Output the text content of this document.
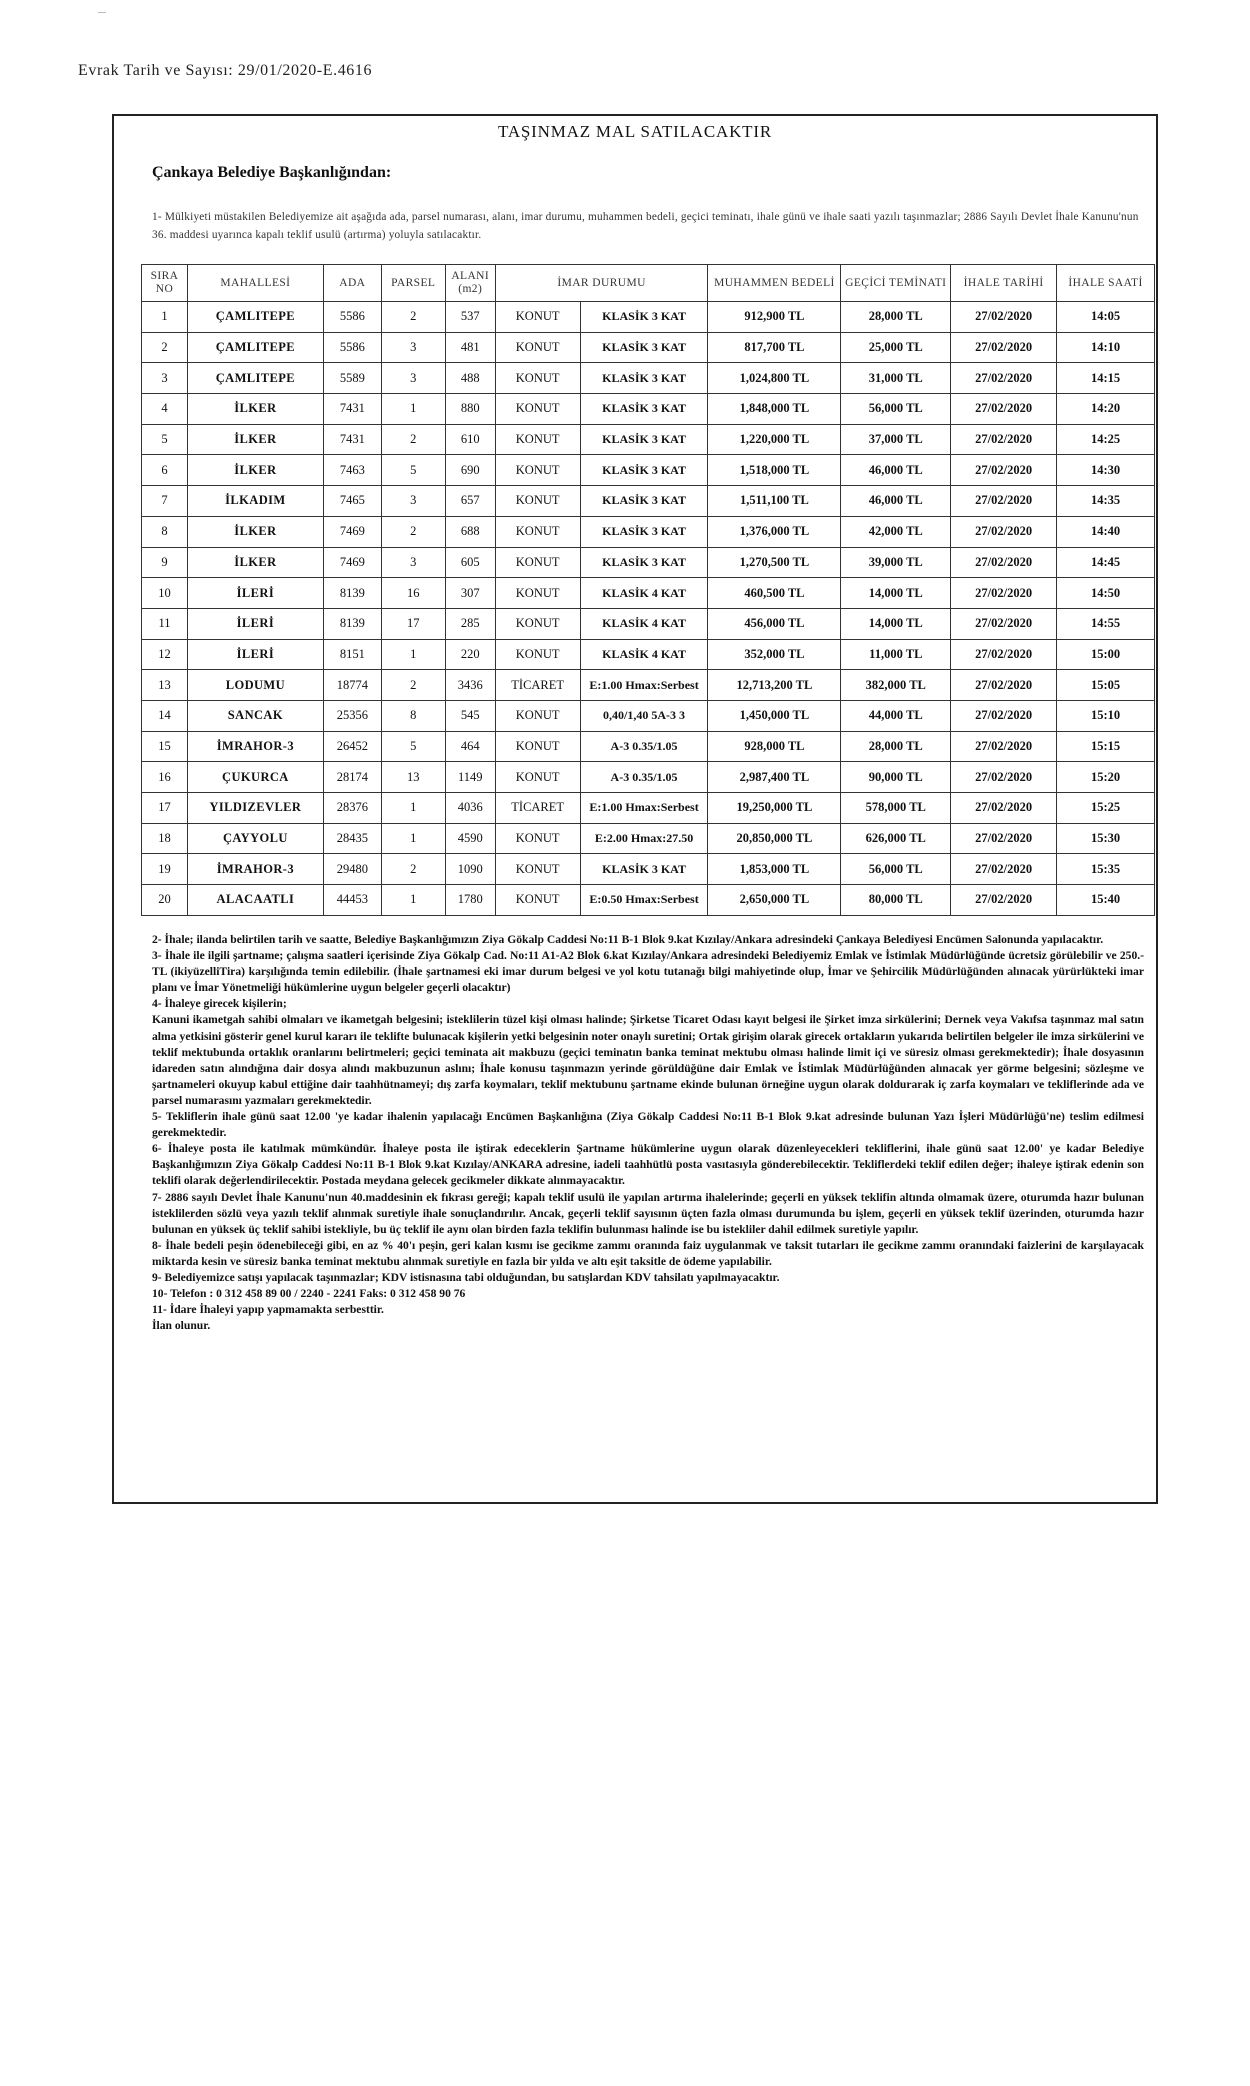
Evrak Tarih ve Sayısı: 29/01/2020-E.4616
TAŞINMAZ MAL SATILACAKTIR
Çankaya Belediye Başkanlığından:
1- Mülkiyeti müstakilen Belediyemize ait aşağıda ada, parsel numarası, alanı, imar durumu, muhammen bedeli, geçici teminatı, ihale günü ve ihale saati yazılı taşınmazlar; 2886 Sayılı Devlet İhale Kanunu'nun 36. maddesi uyarınca kapalı teklif usulü (artırma) yoluyla satılacaktır.
SIRA NO	MAHALLESİ	ADA	PARSEL	ALANI (m2)	İMAR DURUMU		MUHAMMEN BEDELİ	GEÇİCİ TEMİNATI	İHALE TARİHİ	İHALE SAATİ
1	ÇAMLITEPE	5586	2	537	KONUT	KLASİK 3 KAT	912,900 TL	28,000 TL	27/02/2020	14:05
2	ÇAMLITEPE	5586	3	481	KONUT	KLASİK 3 KAT	817,700 TL	25,000 TL	27/02/2020	14:10
3	ÇAMLITEPE	5589	3	488	KONUT	KLASİK 3 KAT	1,024,800 TL	31,000 TL	27/02/2020	14:15
4	İLKER	7431	1	880	KONUT	KLASİK 3 KAT	1,848,000 TL	56,000 TL	27/02/2020	14:20
5	İLKER	7431	2	610	KONUT	KLASİK 3 KAT	1,220,000 TL	37,000 TL	27/02/2020	14:25
6	İLKER	7463	5	690	KONUT	KLASİK 3 KAT	1,518,000 TL	46,000 TL	27/02/2020	14:30
7	İLKADIM	7465	3	657	KONUT	KLASİK 3 KAT	1,511,100 TL	46,000 TL	27/02/2020	14:35
8	İLKER	7469	2	688	KONUT	KLASİK 3 KAT	1,376,000 TL	42,000 TL	27/02/2020	14:40
9	İLKER	7469	3	605	KONUT	KLASİK 3 KAT	1,270,500 TL	39,000 TL	27/02/2020	14:45
10	İLERİ	8139	16	307	KONUT	KLASİK 4 KAT	460,500 TL	14,000 TL	27/02/2020	14:50
11	İLERİ	8139	17	285	KONUT	KLASİK 4 KAT	456,000 TL	14,000 TL	27/02/2020	14:55
12	İLERİ	8151	1	220	KONUT	KLASİK 4 KAT	352,000 TL	11,000 TL	27/02/2020	15:00
13	LODUMU	18774	2	3436	TİCARET	E:1.00 Hmax:Serbest	12,713,200 TL	382,000 TL	27/02/2020	15:05
14	SANCAK	25356	8	545	KONUT	0,40/1,40 5A-3 3	1,450,000 TL	44,000 TL	27/02/2020	15:10
15	İMRAHOR-3	26452	5	464	KONUT	A-3 0.35/1.05	928,000 TL	28,000 TL	27/02/2020	15:15
16	ÇUKURCA	28174	13	1149	KONUT	A-3 0.35/1.05	2,987,400 TL	90,000 TL	27/02/2020	15:20
17	YILDIZEVLER	28376	1	4036	TİCARET	E:1.00 Hmax:Serbest	19,250,000 TL	578,000 TL	27/02/2020	15:25
18	ÇAYYOLU	28435	1	4590	KONUT	E:2.00 Hmax:27.50	20,850,000 TL	626,000 TL	27/02/2020	15:30
19	İMRAHOR-3	29480	2	1090	KONUT	KLASİK 3 KAT	1,853,000 TL	56,000 TL	27/02/2020	15:35
20	ALACAATLI	44453	1	1780	KONUT	E:0.50 Hmax:Serbest	2,650,000 TL	80,000 TL	27/02/2020	15:40

2- İhale; ilanda belirtilen tarih ve saatte, Belediye Başkanlığımızın Ziya Gökalp Caddesi No:11 B-1 Blok 9.kat Kızılay/Ankara adresindeki Çankaya Belediyesi Encümen Salonunda yapılacaktır.

3- İhale ile ilgili şartname; çalışma saatleri içerisinde Ziya Gökalp Cad. No:11 A1-A2 Blok 6.kat Kızılay/Ankara adresindeki Belediyemiz Emlak ve İstimlak Müdürlüğünde ücretsiz görülebilir ve 250.-TL (ikiyüzelliTira) karşılığında temin edilebilir. (İhale şartnamesi eki imar durum belgesi ve yol kotu tutanağı bilgi mahiyetinde olup, İmar ve Şehircilik Müdürlüğünden alınacak yürürlükteki imar planı ve İmar Yönetmeliği hükümlerine uygun belgeler geçerli olacaktır)

4- İhaleye girecek kişilerin;

Kanuni ikametgah sahibi olmaları ve ikametgah belgesini; isteklilerin tüzel kişi olması halinde; Şirketse Ticaret Odası kayıt belgesi ile Şirket imza sirkülerini; Dernek veya Vakıfsa taşınmaz mal satın alma yetkisini gösterir genel kurul kararı ile teklifte bulunacak kişilerin yetki belgesinin noter onaylı suretini; Ortak girişim olarak girecek ortakların yukarıda belirtilen belgeler ile imza sirkülerini ve teklif mektubunda ortaklık oranlarını belirtmeleri; geçici teminata ait makbuzu (geçici teminatın banka teminat mektubu olması halinde limit içi ve süresiz olması gerekmektedir); İhale dosyasının idareden satın alındığına dair dosya alındı makbuzunun aslını; İhale konusu taşınmazın yerinde görüldüğüne dair Emlak ve İstimlak Müdürlüğünden alınacak yer görme belgesini; sözleşme ve şartnameleri okuyup kabul ettiğine dair taahhütnameyi; dış zarfa koymaları, teklif mektubunu şartname ekinde bulunan örneğine uygun olarak doldurarak iç zarfa koymaları ve tekliflerinde ada ve parsel numarasını yazmaları gerekmektedir.

5- Tekliflerin ihale günü saat 12.00 'ye kadar ihalenin yapılacağı Encümen Başkanlığına (Ziya Gökalp Caddesi No:11 B-1 Blok 9.kat adresinde bulunan Yazı İşleri Müdürlüğü'ne) teslim edilmesi gerekmektedir.

6- İhaleye posta ile katılmak mümkündür. İhaleye posta ile iştirak edeceklerin Şartname hükümlerine uygun olarak düzenleyecekleri tekliflerini, ihale günü saat 12.00' ye kadar Belediye Başkanlığımızın Ziya Gökalp Caddesi No:11 B-1 Blok 9.kat Kızılay/ANKARA adresine, iadeli taahhütlü posta vasıtasıyla gönderebilecektir. Tekliflerdeki teklif edilen değer; ihaleye iştirak edenin son teklifi olarak değerlendirilecektir. Postada meydana gelecek gecikmeler dikkate alınmayacaktır.

7- 2886 sayılı Devlet İhale Kanunu'nun 40.maddesinin ek fıkrası gereği; kapalı teklif usulü ile yapılan artırma ihalelerinde; geçerli en yüksek teklifin altında olmamak üzere, oturumda hazır bulunan isteklilerden sözlü veya yazılı teklif alınmak suretiyle ihale sonuçlandırılır. Ancak, geçerli teklif sayısının üçten fazla olması durumunda bu işlem, geçerli en yüksek teklif üzerinden, oturumda hazır bulunan en yüksek üç teklif sahibi istekliyle, bu üç teklif ile aynı olan birden fazla teklifin bulunması halinde ise bu istekliler dahil edilmek suretiyle yapılır.

8- İhale bedeli peşin ödenebileceği gibi, en az % 40'ı peşin, geri kalan kısmı ise gecikme zammı oranında faiz uygulanmak ve taksit tutarları ile gecikme zammı oranındaki faizlerini de karşılayacak miktarda kesin ve süresiz banka teminat mektubu alınmak suretiyle en fazla bir yılda ve altı eşit taksitle de ödeme yapılabilir.

9- Belediyemizce satışı yapılacak taşınmazlar; KDV istisnasına tabi olduğundan, bu satışlardan KDV tahsilatı yapılmayacaktır.

10- Telefon : 0 312 458 89 00 / 2240 - 2241 Faks: 0 312 458 90 76

11- İdare İhaleyi yapıp yapmamakta serbesttir.

İlan olunur.
